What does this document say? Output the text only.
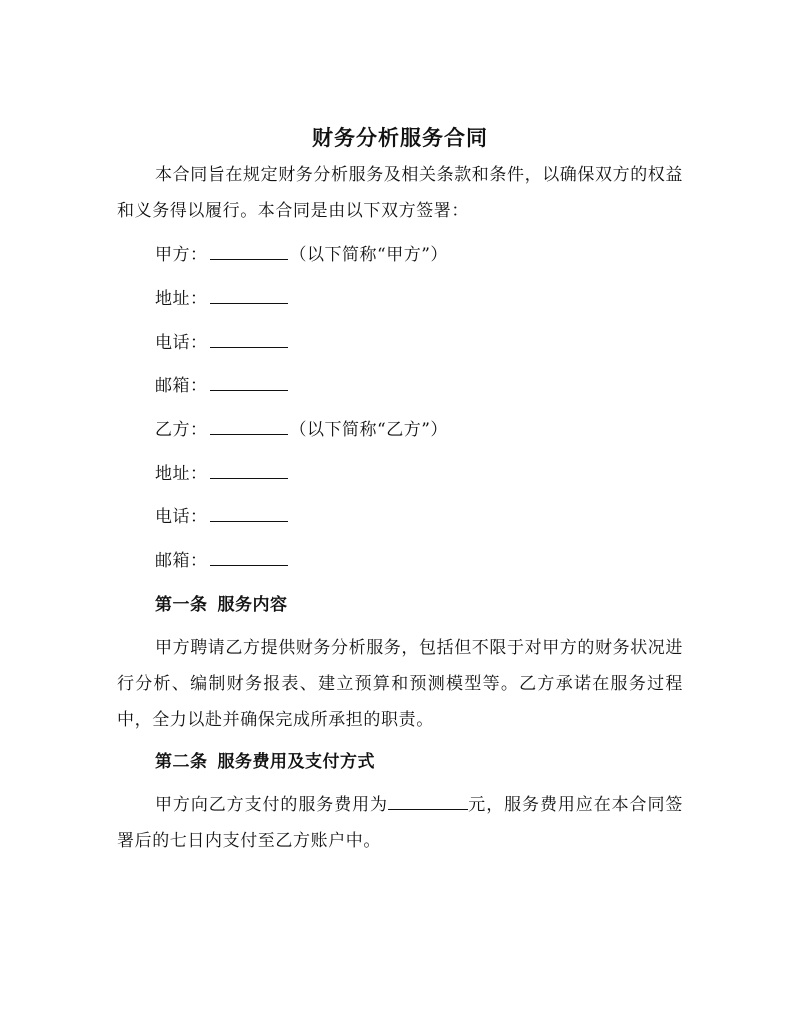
财务分析服务合同
本合同旨在规定财务分析服务及相关条款和条件，以确保双方的权益和义务得以履行。本合同是由以下双方签署：
甲方：	（以下简称“甲方”）
地址：
电话：
邮箱：
乙方：	（以下简称“乙方”）
地址：
电话：
邮箱：
第一条 服务内容
甲方聘请乙方提供财务分析服务，包括但不限于对甲方的财务状况进行分析、编制财务报表、建立预算和预测模型等。乙方承诺在服务过程中，全力以赴并确保完成所承担的职责。
第二条 服务费用及支付方式
甲方向乙方支付的服务费用为	元，服务费用应在本合同签署后的七日内支付至乙方账户中。
